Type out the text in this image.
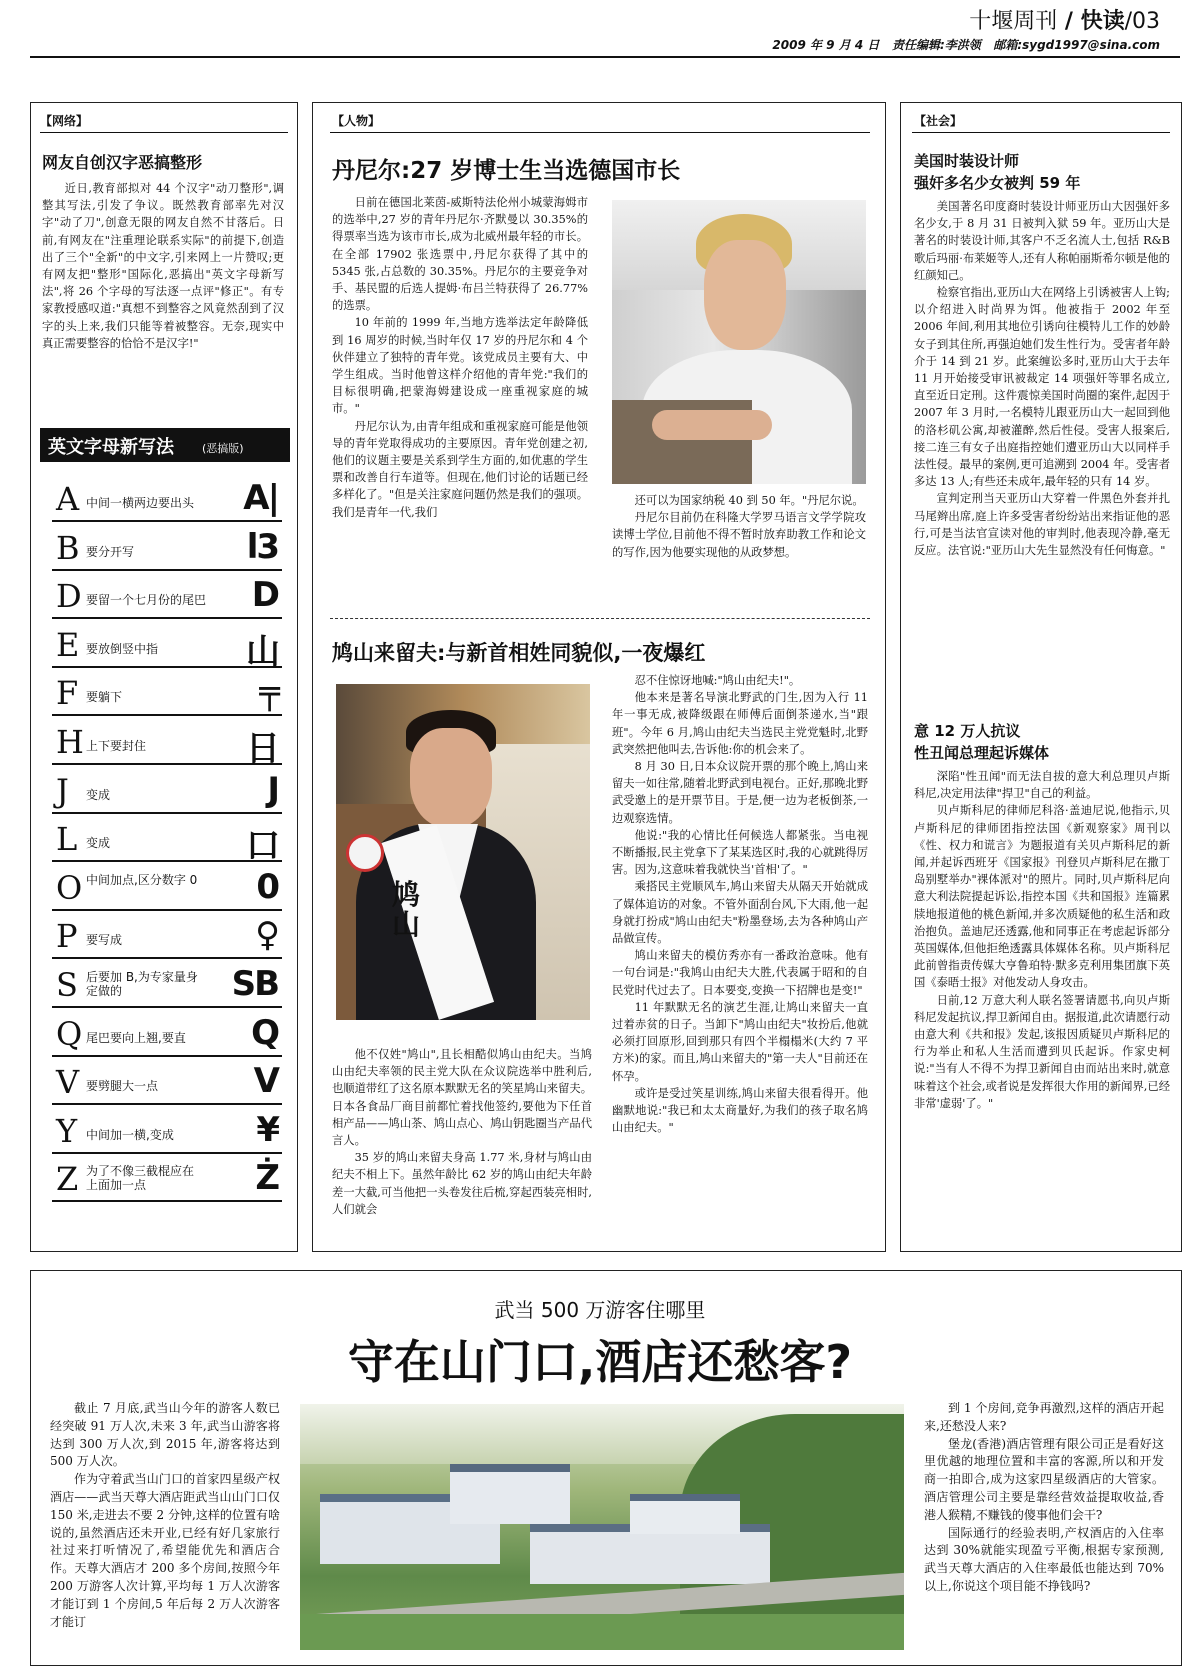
十堰周刊 / 快读/03
2009 年 9 月 4 日 责任编辑:李洪领 邮箱:sygd1997@sina.com
【网络】
网友自创汉字恶搞整形

近日,教育部拟对 44 个汉字"动刀整形",调整其写法,引发了争议。既然教育部率先对汉字"动了刀",创意无限的网友自然不甘落后。日前,有网友在"注重理论联系实际"的前提下,创造出了三个"全新"的中文字,引来网上一片赞叹;更有网友把"整形"国际化,恶搞出"英文字母新写法",将 26 个字母的写法逐一点评"修正"。有专家教授感叹道:"真想不到整容之风竟然刮到了汉字的头上来,我们只能等着被整容。无奈,现实中真正需要整容的恰恰不是汉字!"

英文字母新写法	(恶搞版)
A 中间一横两边要出头 A|
B 要分开写	l3
D 要留一个七月份的尾巴 D
E 要放倒竖中指	山
F 要躺下	╤
H 上下要封住	日
J 变成	J
L 变成	口
O 中间加点,区分数字 0 0
P 要写成	♀
S 后要加 B,为专家量身定做的	SB
Q 尾巴要向上翘,要直 Q
V 要劈腿大一点	V
Y 中间加一横,变成 ¥
Z 为了不像三截棍应在上面加一点	Ż
【人物】
丹尼尔:27 岁博士生当选德国市长

日前在德国北莱茵-威斯特法伦州小城蒙海姆市的选举中,27 岁的青年丹尼尔·齐默曼以 30.35%的得票率当选为该市市长,成为北威州最年轻的市长。在全部 17902 张选票中,丹尼尔获得了其中的 5345 张,占总数的 30.35%。丹尼尔的主要竞争对手、基民盟的后选人提姆·布吕兰特获得了 26.77%的选票。

10 年前的 1999 年,当地方选举法定年龄降低到 16 周岁的时候,当时年仅 17 岁的丹尼尔和 4 个伙伴建立了独特的青年党。该党成员主要有大、中学生组成。当时他曾这样介绍他的青年党:"我们的目标很明确,把蒙海姆建设成一座重视家庭的城市。"

丹尼尔认为,由青年组成和重视家庭可能是他领导的青年党取得成功的主要原因。青年党创建之初,他们的议题主要是关系到学生方面的,如优惠的学生票和改善自行车道等。但现在,他们讨论的话题已经多样化了。"但是关注家庭问题仍然是我们的强项。我们是青年一代,我们

还可以为国家纳税 40 到 50 年。"丹尼尔说。

丹尼尔目前仍在科隆大学罗马语言文学学院攻读博士学位,目前他不得不暂时放弃助教工作和论文的写作,因为他要实现他的从政梦想。

鸠山来留夫:与新首相姓同貌似,一夜爆红
鸠山

他不仅姓"鸠山",且长相酷似鸠山由纪夫。当鸠山由纪夫率领的民主党大队在众议院选举中胜利后,也顺道带红了这名原本默默无名的笑星鸠山来留夫。日本各食品厂商目前都忙着找他签约,要他为下任首相产品——鸠山茶、鸠山点心、鸠山钥匙圈当产品代言人。

35 岁的鸠山来留夫身高 1.77 米,身材与鸠山由纪夫不相上下。虽然年龄比 62 岁的鸠山由纪夫年龄差一大截,可当他把一头卷发往后梳,穿起西装亮相时,人们就会

忍不住惊讶地喊:"鸠山由纪夫!"。

他本来是著名导演北野武的门生,因为入行 11 年一事无成,被降级跟在师傅后面倒茶递水,当"跟班"。今年 6 月,鸠山由纪夫当选民主党党魁时,北野武突然把他叫去,告诉他:你的机会来了。

8 月 30 日,日本众议院开票的那个晚上,鸠山来留夫一如往常,随着北野武到电视台。正好,那晚北野武受邀上的是开票节目。于是,便一边为老板倒茶,一边观察选情。

他说:"我的心情比任何候选人都紧张。当电视不断播报,民主党拿下了某某选区时,我的心就跳得厉害。因为,这意味着我就快当'首相'了。"

乘搭民主党顺风车,鸠山来留夫从隔天开始就成了媒体追访的对象。不管外面刮台风,下大雨,他一起身就打扮成"鸠山由纪夫"粉墨登场,去为各种鸠山产品做宣传。

鸠山来留夫的模仿秀亦有一番政治意味。他有一句台词是:"我鸠山由纪夫大胜,代表属于昭和的自民党时代过去了。日本要变,变换一下招牌也是变!"

11 年默默无名的演艺生涯,让鸠山来留夫一直过着赤贫的日子。当卸下"鸠山由纪夫"妆扮后,他就必须打回原形,回到那只有四个半榻榻米(大约 7 平方米)的家。而且,鸠山来留夫的"第一夫人"目前还在怀孕。

或许是受过笑星训练,鸠山来留夫很看得开。他幽默地说:"我已和太太商量好,为我们的孩子取名鸠山由纪夫。"

【社会】
美国时装设计师
强奸多名少女被判 59 年

美国著名印度裔时装设计师亚历山大因强奸多名少女,于 8 月 31 日被判入狱 59 年。亚历山大是著名的时装设计师,其客户不乏名流人士,包括 R&B 歌后玛丽·布莱姬等人,还有人称帕丽斯希尔顿是他的红颜知己。

检察官指出,亚历山大在网络上引诱被害人上钩;以介绍进入时尚界为饵。他被指于 2002 年至 2006 年间,利用其地位引诱向往模特儿工作的妙龄女子到其住所,再强迫她们发生性行为。受害者年龄介于 14 到 21 岁。此案缠讼多时,亚历山大于去年 11 月开始接受审讯被裁定 14 项强奸等罪名成立,直至近日定刑。这件震惊美国时尚圈的案件,起因于 2007 年 3 月时,一名模特儿跟亚历山大一起回到他的洛杉矶公寓,却被灌醉,然后性侵。受害人报案后,接二连三有女子出庭指控她们遭亚历山大以同样手法性侵。最早的案例,更可追溯到 2004 年。受害者多达 13 人;有些还未成年,最年轻的只有 14 岁。

宣判定刑当天亚历山大穿着一件黑色外套并扎马尾辫出席,庭上许多受害者纷纷站出来指证他的恶行,可是当法官宣读对他的审判时,他表现冷静,毫无反应。法官说:"亚历山大先生显然没有任何悔意。"

意 12 万人抗议
性丑闻总理起诉媒体

深陷"性丑闻"而无法自拔的意大利总理贝卢斯科尼,决定用法律"捍卫"自己的利益。

贝卢斯科尼的律师尼科洛·盖迪尼说,他指示,贝卢斯科尼的律师团指控法国《新观察家》周刊以《性、权力和谎言》为题报道有关贝卢斯科尼的新闻,并起诉西班牙《国家报》刊登贝卢斯科尼在撒丁岛别墅举办"裸体派对"的照片。同时,贝卢斯科尼向意大利法院提起诉讼,指控本国《共和国报》连篇累牍地报道他的桃色新闻,并多次质疑他的私生活和政治抱负。盖迪尼还透露,他和同事正在考虑起诉部分英国媒体,但他拒绝透露具体媒体名称。贝卢斯科尼此前曾指责传媒大亨鲁珀特·默多克利用集团旗下英国《泰晤士报》对他发动人身攻击。

日前,12 万意大利人联名签署请愿书,向贝卢斯科尼发起抗议,捍卫新闻自由。据报道,此次请愿行动由意大利《共和报》发起,该报因质疑贝卢斯科尼的行为举止和私人生活而遭到贝氏起诉。作家史柯说:"当有人不得不为捍卫新闻自由而站出来时,就意味着这个社会,或者说是发挥很大作用的新闻界,已经非常'虚弱'了。"

武当 500 万游客住哪里
守在山门口,酒店还愁客?

截止 7 月底,武当山今年的游客人数已经突破 91 万人次,未来 3 年,武当山游客将达到 300 万人次,到 2015 年,游客将达到 500 万人次。

作为守着武当山门口的首家四星级产权酒店——武当天尊大酒店距武当山山门口仅 150 米,走进去不要 2 分钟,这样的位置有啥说的,虽然酒店还未开业,已经有好几家旅行社过来打听情况了,希望能优先和酒店合作。天尊大酒店才 200 多个房间,按照今年 200 万游客人次计算,平均每 1 万人次游客才能订到 1 个房间,5 年后每 2 万人次游客才能订

到 1 个房间,竞争再激烈,这样的酒店开起来,还愁没人来?

堡龙(香港)酒店管理有限公司正是看好这里优越的地理位置和丰富的客源,所以和开发商一拍即合,成为这家四星级酒店的大管家。酒店管理公司主要是靠经营效益提取收益,香港人猴精,不赚钱的傻事他们会干?

国际通行的经验表明,产权酒店的入住率达到 30%就能实现盈亏平衡,根据专家预测,武当天尊大酒店的入住率最低也能达到 70%以上,你说这个项目能不挣钱吗?
